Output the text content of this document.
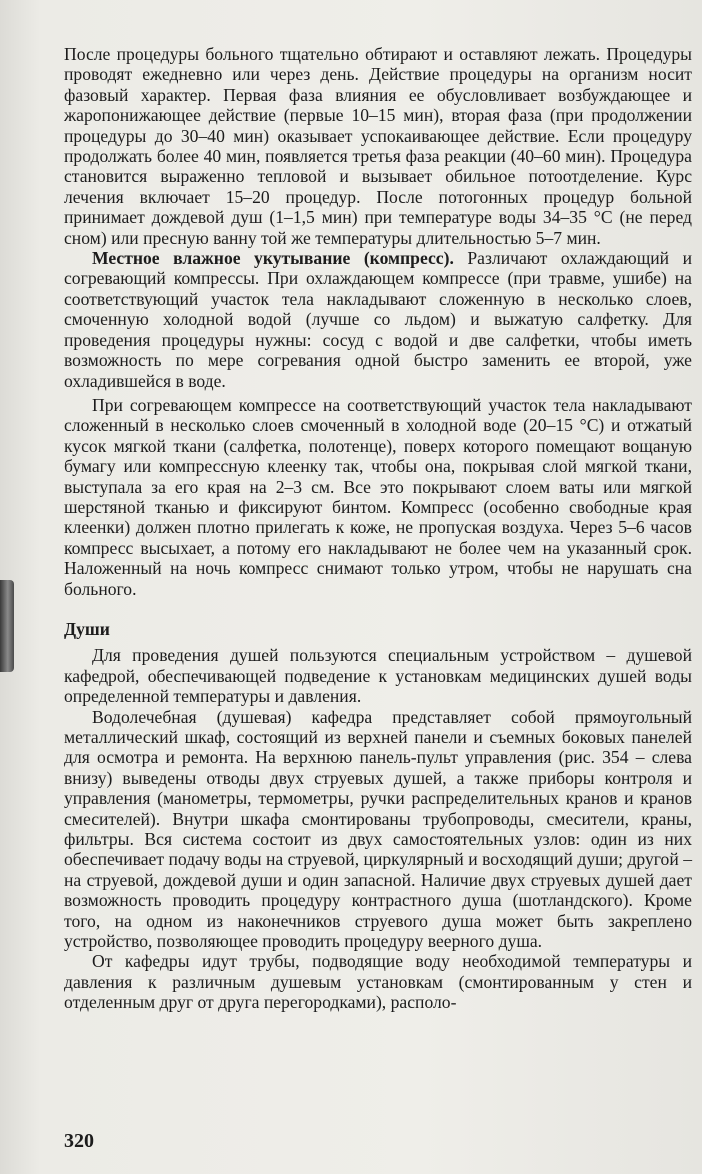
После процедуры больного тщательно обтирают и оставляют лежать. Процедуры проводят ежедневно или через день. Действие процедуры на организм носит фазовый характер. Первая фаза влияния ее обусловливает возбуждающее и жаропонижающее действие (первые 10–15 мин), вторая фаза (при продолжении процедуры до 30–40 мин) оказывает успокаивающее действие. Если процедуру продолжать более 40 мин, появляется третья фаза реакции (40–60 мин). Процедура становится выраженно тепловой и вызывает обильное потоотделение. Курс лечения включает 15–20 процедур. После потогонных процедур больной принимает дождевой душ (1–1,5 мин) при температуре воды 34–35 °С (не перед сном) или пресную ванну той же температуры длительностью 5–7 мин.

Местное влажное укутывание (компресс). Различают охлаждающий и согревающий компрессы. При охлаждающем компрессе (при травме, ушибе) на соответствующий участок тела накладывают сложенную в несколько слоев, смоченную холодной водой (лучше со льдом) и выжатую салфетку. Для проведения процедуры нужны: сосуд с водой и две салфетки, чтобы иметь возможность по мере согревания одной быстро заменить ее второй, уже охладившейся в воде.

При согревающем компрессе на соответствующий участок тела накладывают сложенный в несколько слоев смоченный в холодной воде (20–15 °С) и отжатый кусок мягкой ткани (салфетка, полотенце), поверх которого помещают вощаную бумагу или компрессную клеенку так, чтобы она, покрывая слой мягкой ткани, выступала за его края на 2–3 см. Все это покрывают слоем ваты или мягкой шерстяной тканью и фиксируют бинтом. Компресс (особенно свободные края клеенки) должен плотно прилегать к коже, не пропуская воздуха. Через 5–6 часов компресс высыхает, а потому его накладывают не более чем на указанный срок. Наложенный на ночь компресс снимают только утром, чтобы не нарушать сна больного.

Души

Для проведения душей пользуются специальным устройством – душевой кафедрой, обеспечивающей подведение к установкам медицинских душей воды определенной температуры и давления.

Водолечебная (душевая) кафедра представляет собой прямоугольный металлический шкаф, состоящий из верхней панели и съемных боковых панелей для осмотра и ремонта. На верхнюю панель-пульт управления (рис. 354 – слева внизу) выведены отводы двух струевых душей, а также приборы контроля и управления (манометры, термометры, ручки распределительных кранов и кранов смесителей). Внутри шкафа смонтированы трубопроводы, смесители, краны, фильтры. Вся система состоит из двух самостоятельных узлов: один из них обеспечивает подачу воды на струевой, циркулярный и восходящий души; другой – на струевой, дождевой души и один запасной. Наличие двух струевых душей дает возможность проводить процедуру контрастного душа (шотландского). Кроме того, на одном из наконечников струевого душа может быть закреплено устройство, позволяющее проводить процедуру веерного душа.

От кафедры идут трубы, подводящие воду необходимой температуры и давления к различным душевым установкам (смонтированным у стен и отделенным друг от друга перегородками), располо-

320
